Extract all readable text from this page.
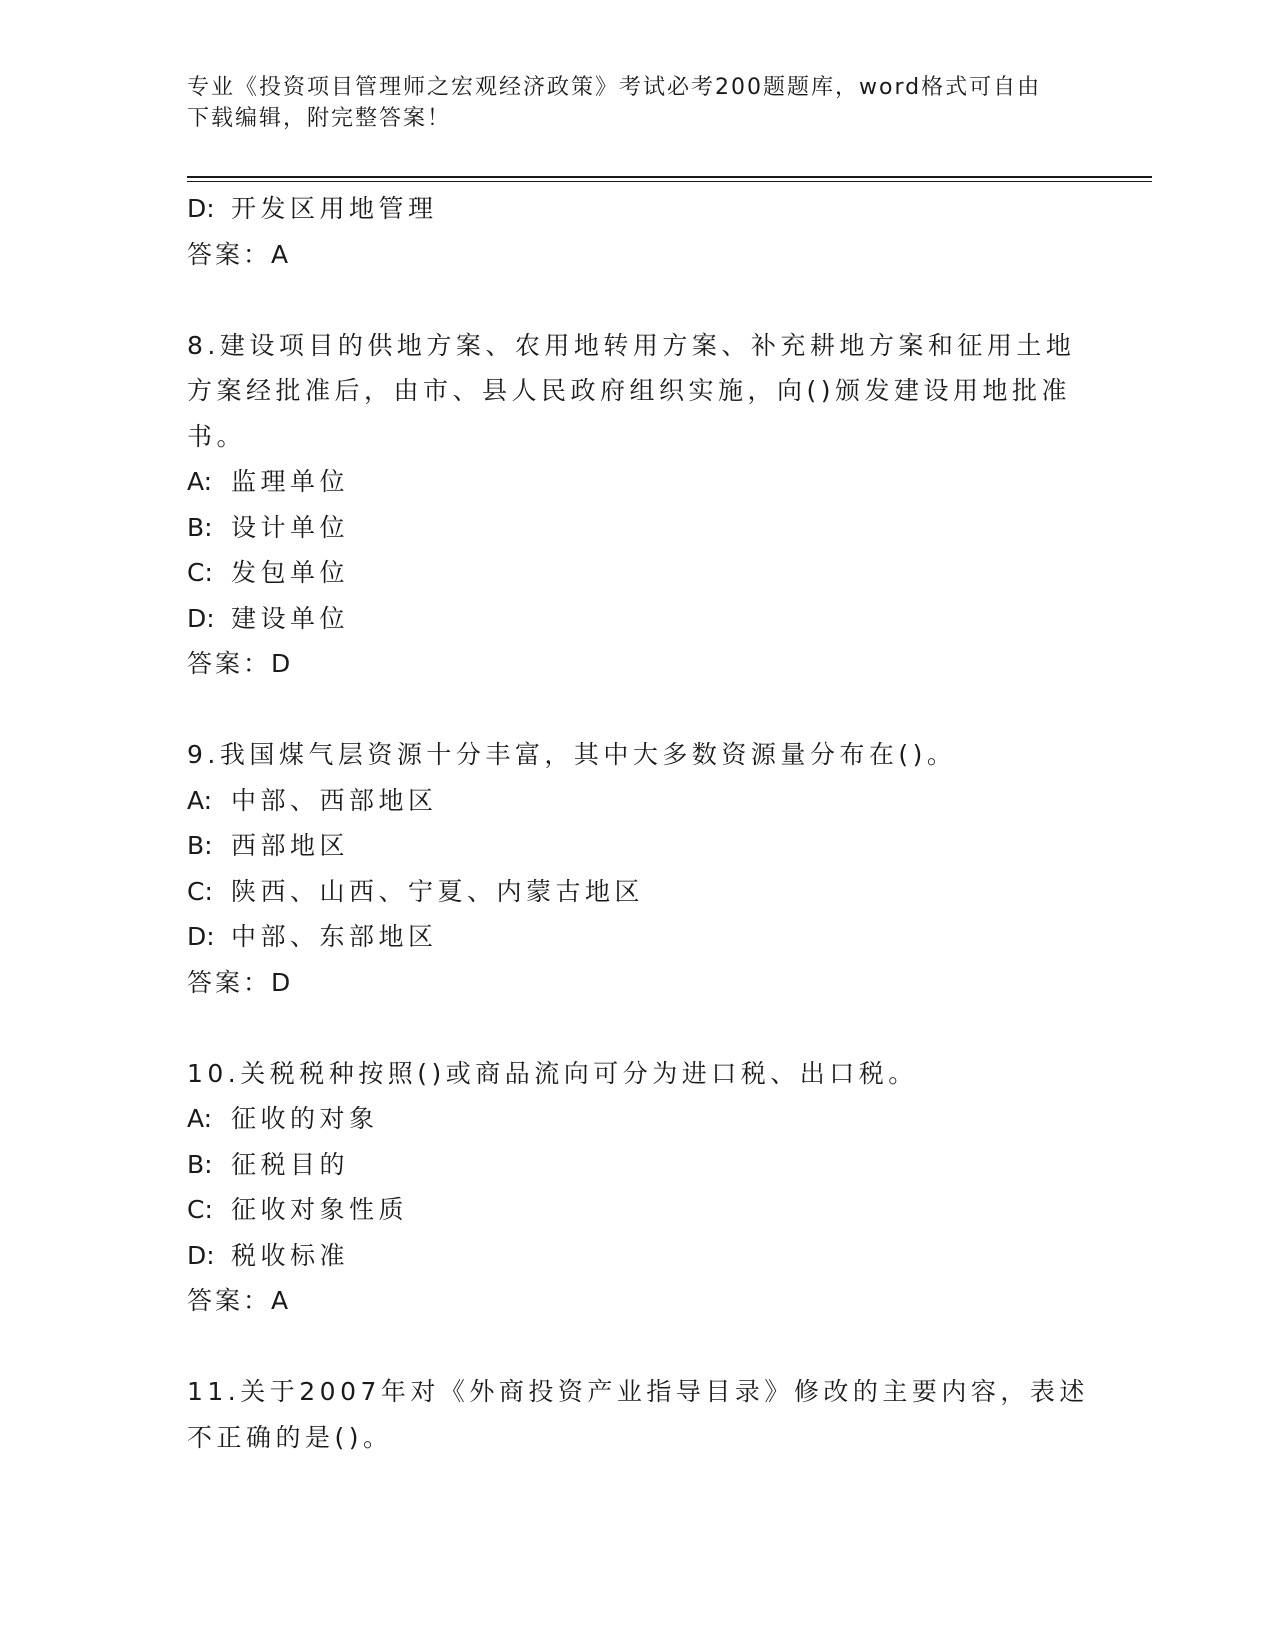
专业《投资项目管理师之宏观经济政策》考试必考200题题库，word格式可自由
下载编辑，附完整答案！
D: 开发区用地管理
答案：A
8.建设项目的供地方案、农用地转用方案、补充耕地方案和征用土地
方案经批准后，由市、县人民政府组织实施，向()颁发建设用地批准
书。
A: 监理单位
B: 设计单位
C: 发包单位
D: 建设单位
答案：D
9.我国煤气层资源十分丰富，其中大多数资源量分布在()。
A: 中部、西部地区
B: 西部地区
C: 陕西、山西、宁夏、内蒙古地区
D: 中部、东部地区
答案：D
10.关税税种按照()或商品流向可分为进口税、出口税。
A: 征收的对象
B: 征税目的
C: 征收对象性质
D: 税收标准
答案：A
11.关于2007年对《外商投资产业指导目录》修改的主要内容，表述
不正确的是()。
